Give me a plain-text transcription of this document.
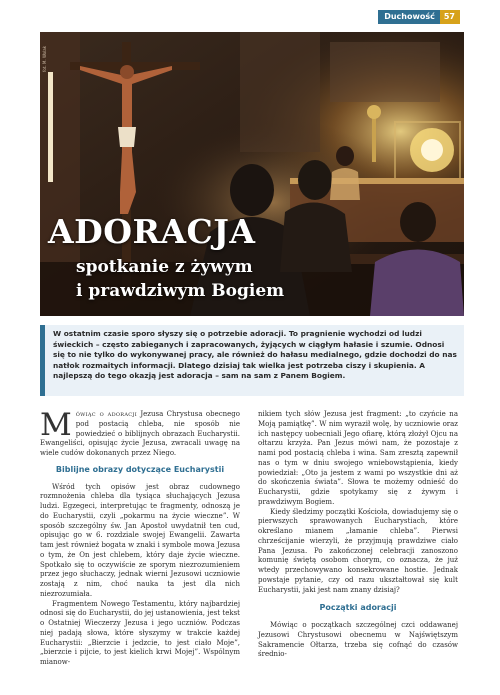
Duchowość	57
fot. M. Wolak
ADORACJA
spotkanie z żywym
i prawdziwym Bogiem
W ostatnim czasie sporo słyszy się o potrzebie adoracji. To pragnienie wychodzi od ludzi świeckich – często zabieganych i zapracowanych, żyjących w ciągłym hałasie i szumie. Odnosi się to nie tylko do wykonywanej pracy, ale również do hałasu medialnego, gdzie dochodzi do nas natłok rozmaitych informacji. Dlatego dzisiaj tak wielka jest potrzeba ciszy i skupienia. A najlepszą do tego okazją jest adoracja – sam na sam z Panem Bogiem.

Mówiąc o adoracji Jezusa Chrystusa obecnego pod postacią chleba, nie sposób nie powiedzieć o biblijnych obrazach Eucharystii. Ewangeliści, opisując życie Jezusa, zwracali uwagę na wiele cudów dokonanych przez Niego.

Biblijne obrazy dotyczące Eucharystii

Wśród tych opisów jest obraz cudownego rozmnożenia chleba dla tysiąca słuchających Jezusa ludzi. Egzegeci, interpretując te fragmenty, odnoszą je do Eucharystii, czyli „pokarmu na życie wieczne”. W sposób szczególny św. Jan Apostoł uwydatnił ten cud, opisując go w 6. rozdziale swojej Ewangelii. Zawarta tam jest również bogata w znaki i symbole mowa Jezusa o tym, że On jest chlebem, który daje życie wieczne. Spotkało się to oczywiście ze sporym niezrozumieniem przez jego słuchaczy, jednak wierni Jezusowi uczniowie zostają z nim, choć nauka ta jest dla nich niezrozumiała.

Fragmentem Nowego Testamentu, który najbardziej odnosi się do Eucharystii, do jej ustanowienia, jest tekst o Ostatniej Wieczerzy Jezusa i jego uczniów. Podczas niej padają słowa, które słyszymy w trakcie każdej Eucharystii: „Bierzcie i jedzcie, to jest ciało Moje”, „bierzcie i pijcie, to jest kielich krwi Mojej”. Wspólnym mianow-

nikiem tych słów Jezusa jest fragment: „to czyńcie na Moją pamiątkę”. W nim wyraził wolę, by uczniowie oraz ich następcy uobecniali Jego ofiarę, którą złożył Ojcu na ołtarzu krzyża. Pan Jezus mówi nam, że pozostaje z nami pod postacią chleba i wina. Sam zresztą zapewnił nas o tym w dniu swojego wniebowstąpienia, kiedy powiedział: „Oto ja jestem z wami po wszystkie dni aż do skończenia świata”. Słowa te możemy odnieść do Eucharystii, gdzie spotykamy się z żywym i prawdziwym Bogiem.

Kiedy śledzimy początki Kościoła, dowiadujemy się o pierwszych sprawowanych Eucharystiach, które określano mianem „łamanie chleba”. Pierwsi chrześcijanie wierzyli, że przyjmują prawdziwe ciało Pana Jezusa. Po zakończonej celebracji zanoszono komunię świętą osobom chorym, co oznacza, że już wtedy przechowywano konsekrowane hostie. Jednak powstaje pytanie, czy od razu ukształtował się kult Eucharystii, jaki jest nam znany dzisiaj?

Początki adoracji

Mówiąc o początkach szczególnej czci oddawanej Jezusowi Chrystusowi obecnemu w Najświętszym Sakramencie Ołtarza, trzeba się cofnąć do czasów średnio-
